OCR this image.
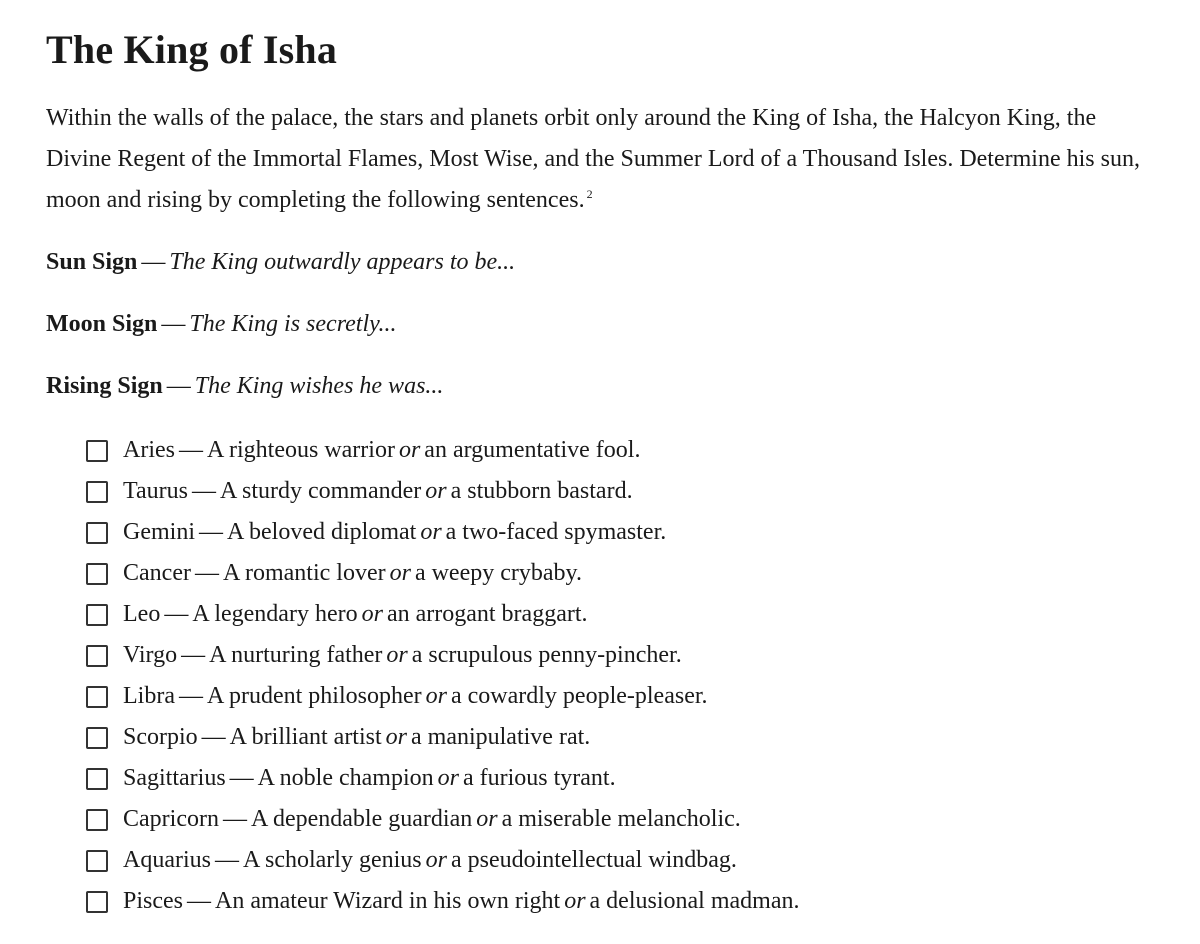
The King of Isha

Within the walls of the palace, the stars and planets orbit only around the King of Isha, the Halcyon King, the Divine Regent of the Immortal Flames, Most Wise, and the Summer Lord of a Thousand Isles. Determine his sun, moon and rising by completing the following sentences. $^2$

Sun Sign — The King outwardly appears to be...

Moon Sign — The King is secretly...

Rising Sign — The King wishes he was...

Aries — A righteous warrior or an argumentative fool.
Taurus — A sturdy commander or a stubborn bastard.
Gemini — A beloved diplomat or a two-faced spymaster.
Cancer — A romantic lover or a weepy crybaby.
Leo — A legendary hero or an arrogant braggart.
Virgo — A nurturing father or a scrupulous penny-pincher.
Libra — A prudent philosopher or a cowardly people-pleaser.
Scorpio — A brilliant artist or a manipulative rat.
Sagittarius — A noble champion or a furious tyrant.
Capricorn — A dependable guardian or a miserable melancholic.
Aquarius — A scholarly genius or a pseudointellectual windbag.
Pisces — An amateur Wizard in his own right or a delusional madman.
